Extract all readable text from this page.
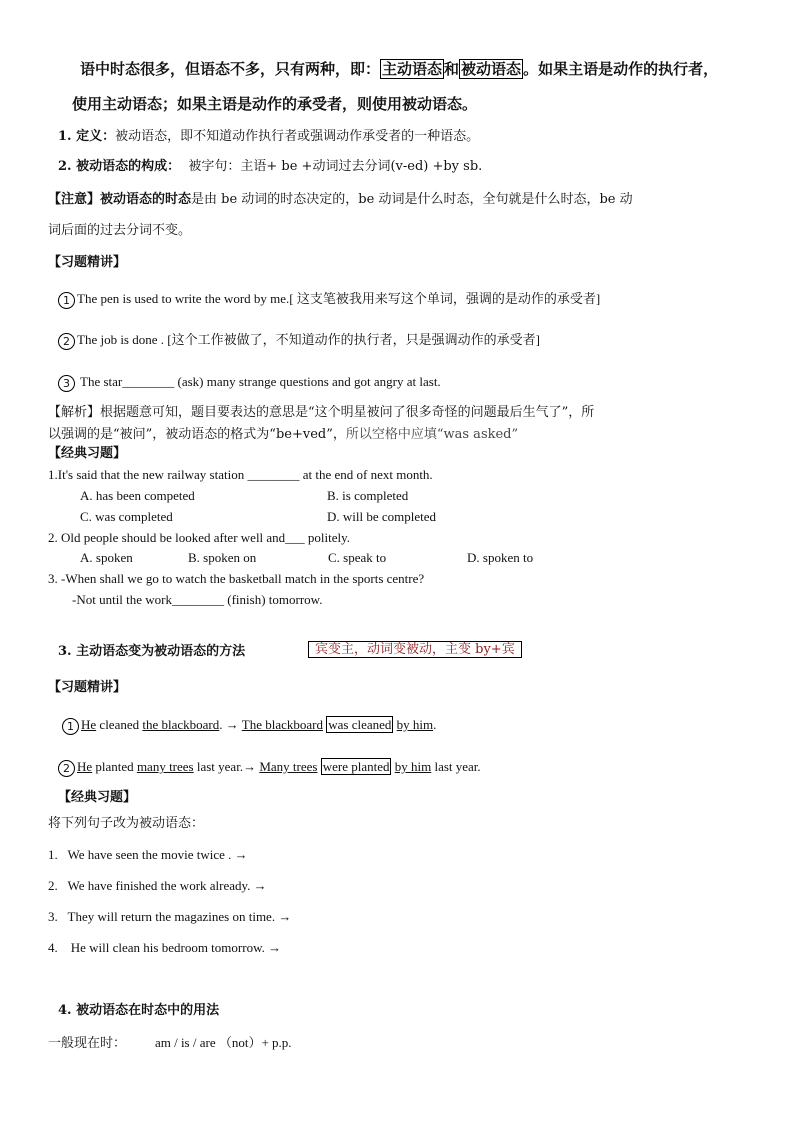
语中时态很多，但语态不多，只有两种，即： 主动语态 和 被动语态 。如果主语是动作的执行者，
使用主动语态；如果主语是动作的承受者，则使用被动语态。
1. 定义：被动语态，即不知道动作执行者或强调动作承受者的一种语态。
2. 被动语态的构成： 被字句：主语+ be +动词过去分词(v-ed) +by sb.
【注意】被动语态的时态是由 be 动词的时态决定的，be 动词是什么时态，全句就是什么时态，be 动
词后面的过去分词不变。
【习题精讲】
1 The pen is used to write the word by me.[ 这支笔被我用来写这个单词，强调的是动作的承受者]
2 The job is done . [这个工作被做了，不知道动作的执行者，只是强调动作的承受者]
3 The star________ (ask) many strange questions and got angry at last.
【解析】根据题意可知，题目要表达的意思是“这个明星被问了很多奇怪的问题最后生气了”，所
以强调的是“被问”，被动语态的格式为“be+ved”，所以空格中应填“was asked”
【经典习题】
1.It's said that the new railway station ________ at the end of next month.
A. has been competed	B. is completed
C. was completed	D. will be completed
2. Old people should be looked after well and___ politely.
A. spoken	B. spoken on	C. speak to	D. spoken to
3. -When shall we go to watch the basketball match in the sports centre?
-Not until the work________ (finish) tomorrow.
3. 主动语态变为被动语态的方法	宾变主，动词变被动，主变 by+宾
【习题精讲】
1 He cleaned the blackboard. → The blackboard was cleaned by him.
2 He planted many trees last year.→ Many trees were planted by him last year.
【经典习题】
将下列句子改为被动语态：
1. We have seen the movie twice . →
2. We have finished the work already. →
3. They will return the magazines on time. →
4.    He will clean his bedroom tomorrow. →
4. 被动语态在时态中的用法
一般现在时： am / is / are （not）+ p.p.
